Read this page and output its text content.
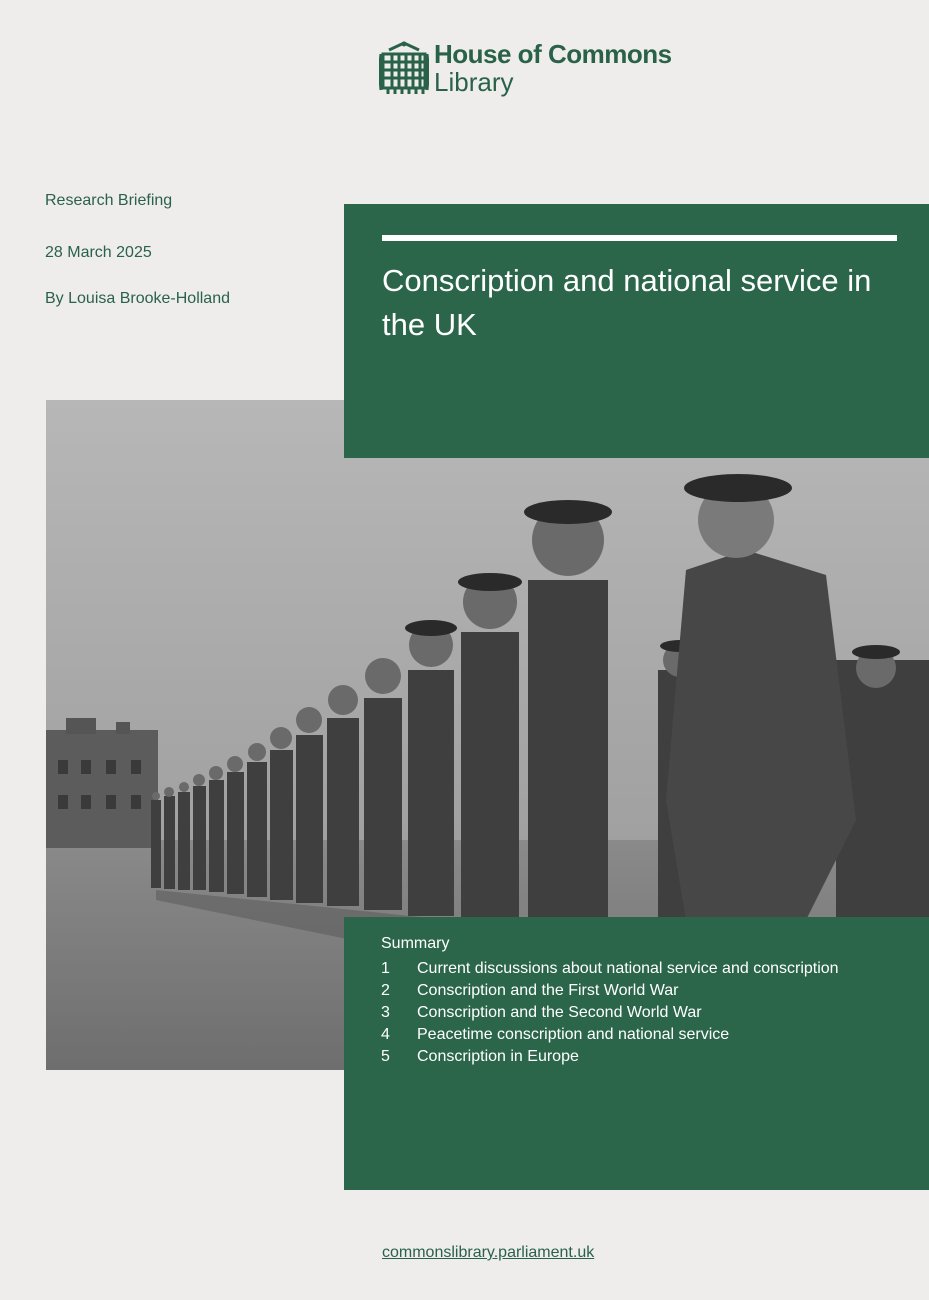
House of Commons
Library
Research Briefing
28 March 2025
By Louisa Brooke-Holland
Conscription and national service in the UK
Summary
1	Current discussions about national service and conscription
2	Conscription and the First World War
3	Conscription and the Second World War
4	Peacetime conscription and national service
5	Conscription in Europe
commonslibrary.parliament.uk
